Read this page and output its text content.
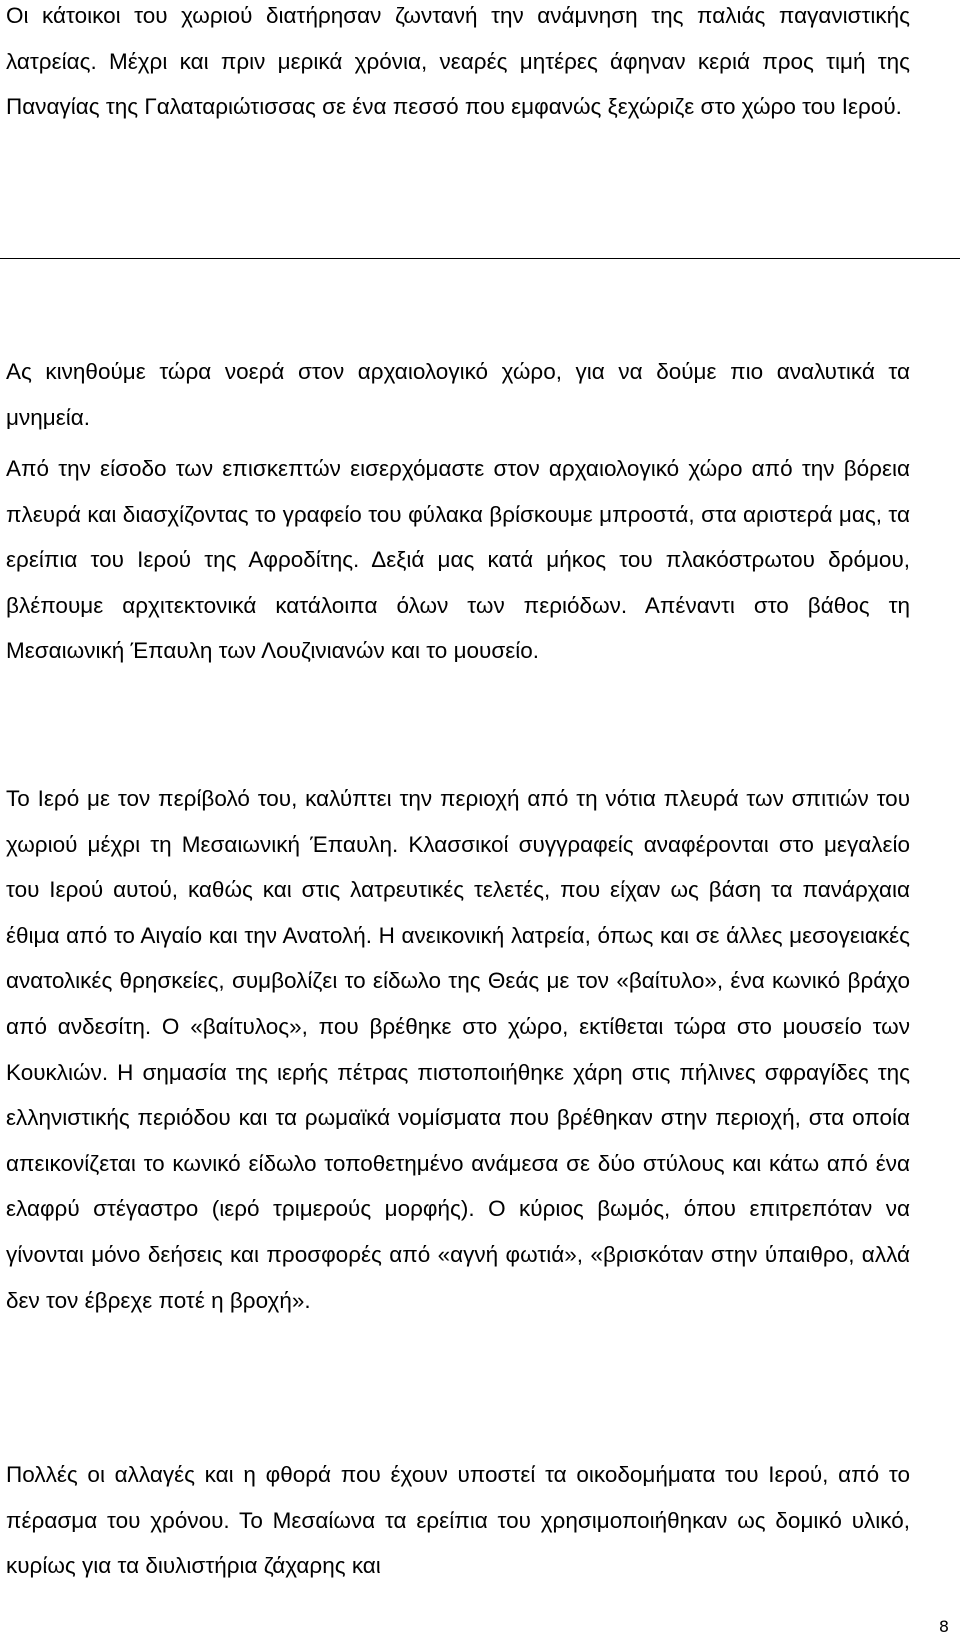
Οι κάτοικοι του χωριού διατήρησαν ζωντανή την ανάμνηση της παλιάς παγανιστικής λατρείας. Μέχρι και πριν μερικά χρόνια, νεαρές μητέρες άφηναν κεριά προς τιμή της Παναγίας της Γαλαταριώτισσας σε ένα πεσσό που εμφανώς ξεχώριζε στο χώρο του Ιερού.

Ας κινηθούμε τώρα νοερά στον αρχαιολογικό χώρο, για να δούμε πιο αναλυτικά τα μνημεία.

Από την είσοδο των επισκεπτών εισερχόμαστε στον αρχαιολογικό χώρο από την βόρεια πλευρά και διασχίζοντας το γραφείο του φύλακα βρίσκουμε μπροστά, στα αριστερά μας, τα ερείπια του Ιερού της Αφροδίτης. Δεξιά μας κατά μήκος του πλακόστρωτου δρόμου, βλέπουμε αρχιτεκτονικά κατάλοιπα όλων των περιόδων. Απέναντι στο βάθος τη Μεσαιωνική Έπαυλη των Λουζινιανών και το μουσείο.

Το Ιερό με τον περίβολό του, καλύπτει την περιοχή από τη νότια πλευρά των σπιτιών του χωριού μέχρι τη Μεσαιωνική Έπαυλη. Κλασσικοί συγγραφείς αναφέρονται στο μεγαλείο του Ιερού αυτού, καθώς και στις λατρευτικές τελετές, που είχαν ως βάση τα πανάρχαια έθιμα από το Αιγαίο και την Ανατολή. Η ανεικονική λατρεία, όπως και σε άλλες μεσογειακές ανατολικές θρησκείες, συμβολίζει το είδωλο της Θεάς με τον «βαίτυλο», ένα κωνικό βράχο από ανδεσίτη. Ο «βαίτυλος», που βρέθηκε στο χώρο, εκτίθεται τώρα στο μουσείο των Κουκλιών. Η σημασία της ιερής πέτρας πιστοποιήθηκε χάρη στις πήλινες σφραγίδες της ελληνιστικής περιόδου και τα ρωμαϊκά νομίσματα που βρέθηκαν στην περιοχή, στα οποία απεικονίζεται το κωνικό είδωλο τοποθετημένο ανάμεσα σε δύο στύλους και κάτω από ένα ελαφρύ στέγαστρο (ιερό τριμερούς μορφής). Ο κύριος βωμός, όπου επιτρεπόταν να γίνονται μόνο δεήσεις και προσφορές από «αγνή φωτιά», «βρισκόταν στην ύπαιθρο, αλλά δεν τον έβρεχε ποτέ η βροχή».

Πολλές οι αλλαγές και η φθορά που έχουν υποστεί τα οικοδομήματα του Ιερού, από το πέρασμα του χρόνου. Το Μεσαίωνα τα ερείπια του χρησιμοποιήθηκαν ως δομικό υλικό, κυρίως για τα διυλιστήρια ζάχαρης και

8
